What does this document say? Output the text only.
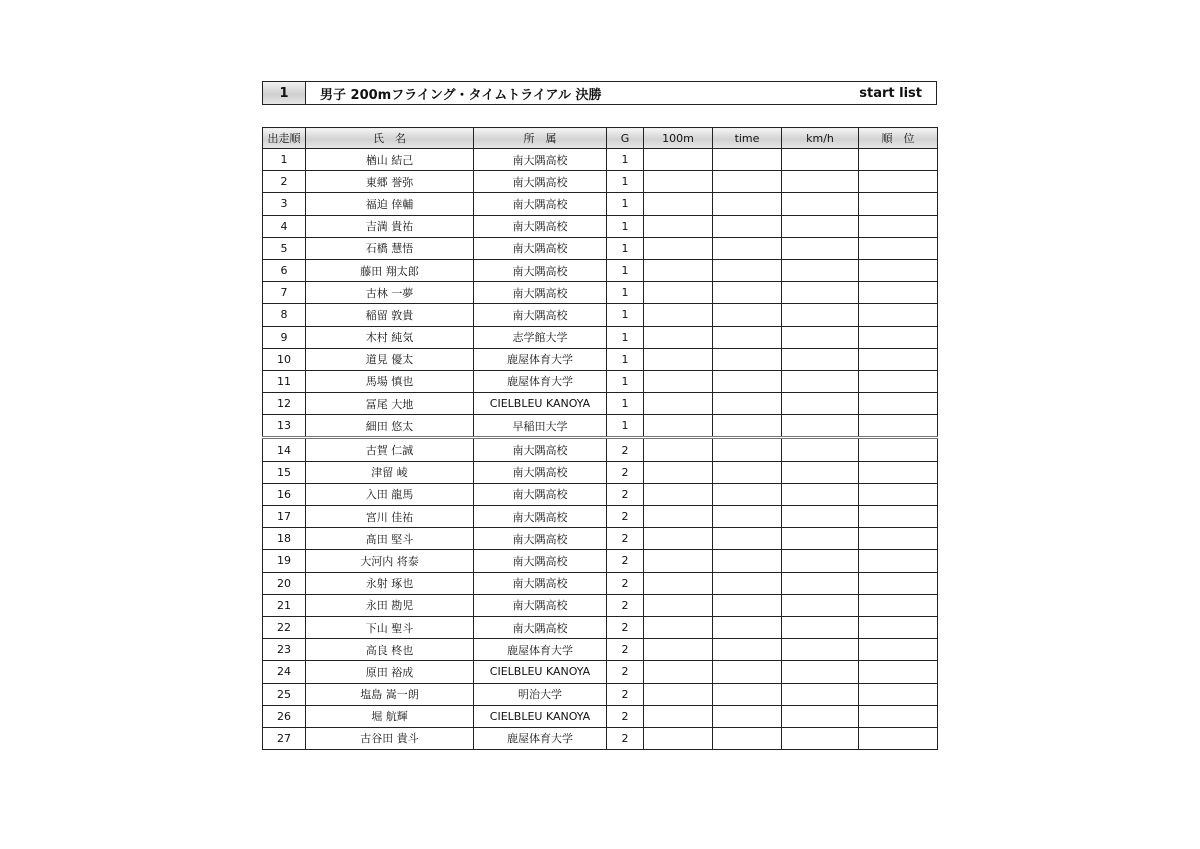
1	男子 200mフライング・タイムトライアル 決勝	start list
出走順	氏　名	所　属	G	100m	time	km/h	順　位
1	楢山 結己	南大隅高校	1				
2	東郷 誉弥	南大隅高校	1				
3	福迫 倖輔	南大隅高校	1				
4	吉満 貴祐	南大隅高校	1				
5	石橋 慧悟	南大隅高校	1				
6	藤田 翔太郎	南大隅高校	1				
7	古林 一夢	南大隅高校	1				
8	稲留 敦貴	南大隅高校	1				
9	木村 純気	志学館大学	1				
10	道見 優太	鹿屋体育大学	1				
11	馬場 慎也	鹿屋体育大学	1				
12	冨尾 大地	CIELBLEU KANOYA	1				
13	細田 悠太	早稲田大学	1				
14	古賀 仁誠	南大隅高校	2				
15	津留 崚	南大隅高校	2				
16	入田 龍馬	南大隅高校	2				
17	宮川 佳祐	南大隅高校	2				
18	髙田 堅斗	南大隅高校	2				
19	大河内 将泰	南大隅高校	2				
20	永射 琢也	南大隅高校	2				
21	永田 勘児	南大隅高校	2				
22	下山 聖斗	南大隅高校	2				
23	高良 柊也	鹿屋体育大学	2				
24	原田 裕成	CIELBLEU KANOYA	2				
25	塩島 嵩一朗	明治大学	2				
26	堀 航輝	CIELBLEU KANOYA	2				
27	古谷田 貴斗	鹿屋体育大学	2				
